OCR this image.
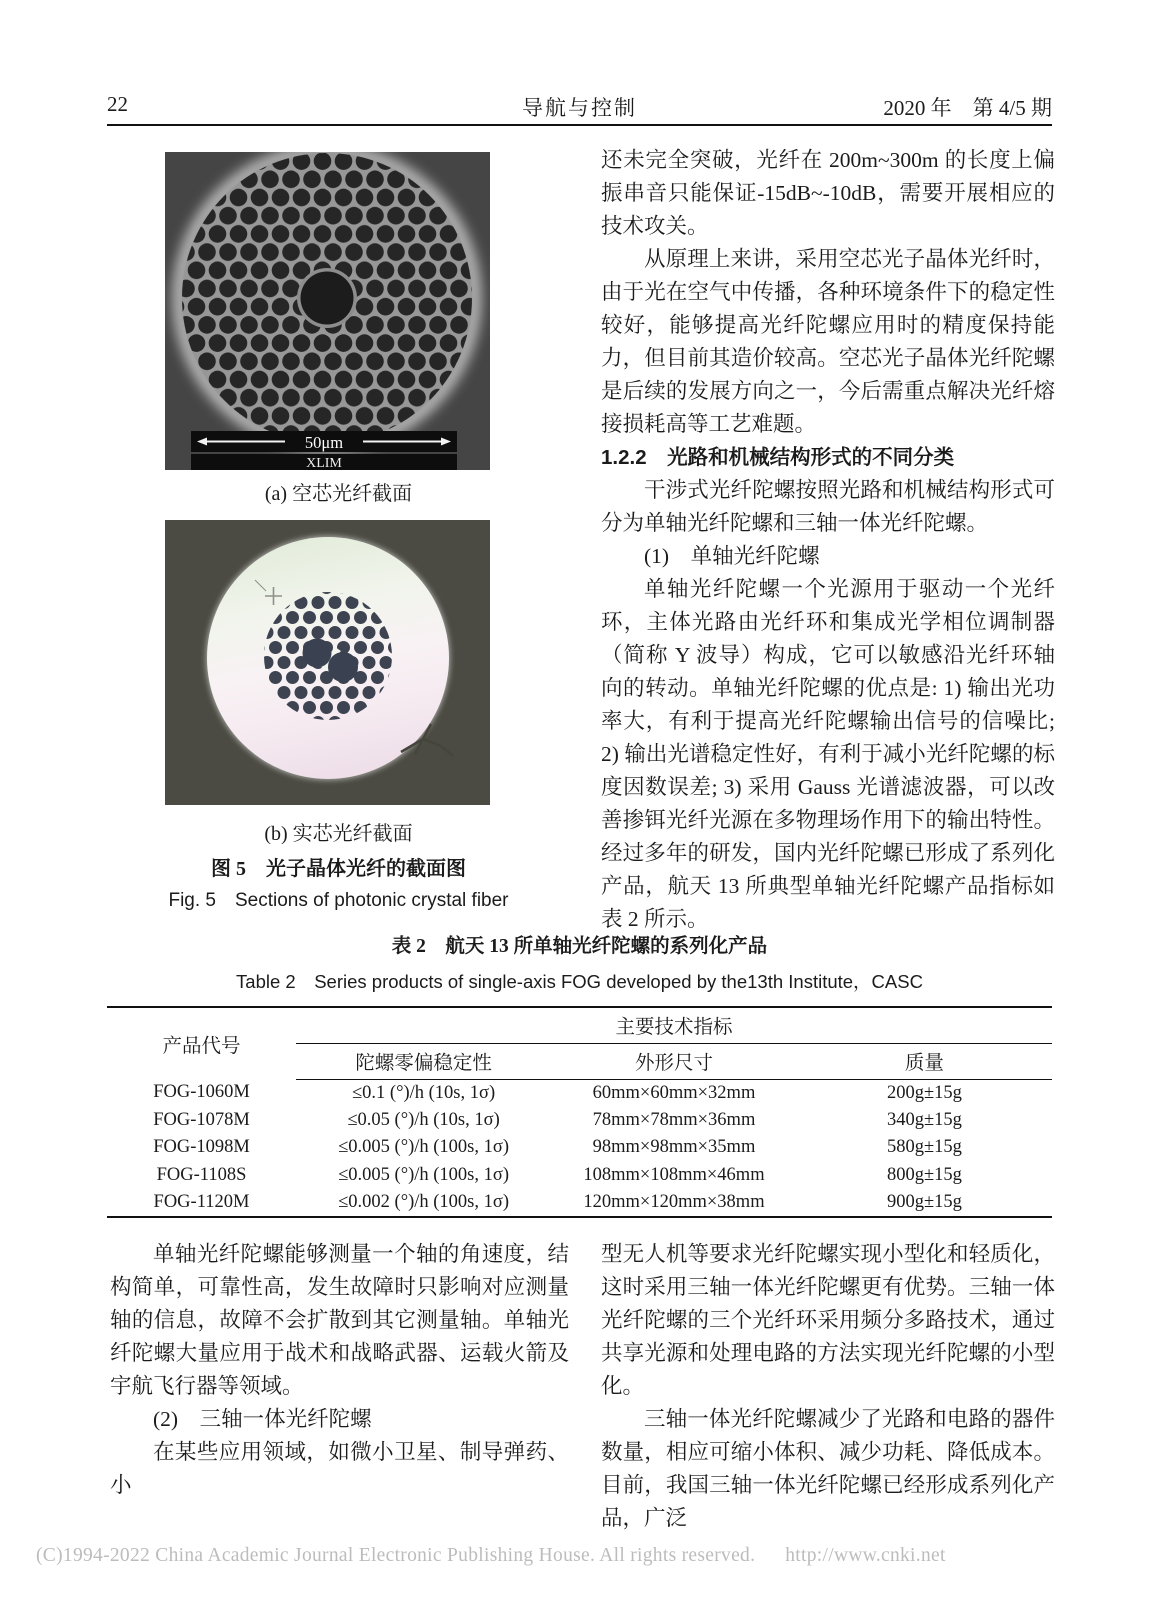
22	导航与控制	2020 年　第 4/5 期
50μm
XLIM
(a) 空芯光纤截面
(b) 实芯光纤截面
图 5　光子晶体光纤的截面图
Fig. 5　Sections of photonic crystal fiber

还未完全突破，光纤在 200m~300m 的长度上偏振串音只能保证-15dB~-10dB，需要开展相应的技术攻关。

从原理上来讲，采用空芯光子晶体光纤时，由于光在空气中传播，各种环境条件下的稳定性较好，能够提高光纤陀螺应用时的精度保持能力，但目前其造价较高。空芯光子晶体光纤陀螺是后续的发展方向之一，今后需重点解决光纤熔接损耗高等工艺难题。

1.2.2　光路和机械结构形式的不同分类

干涉式光纤陀螺按照光路和机械结构形式可分为单轴光纤陀螺和三轴一体光纤陀螺。

(1)　单轴光纤陀螺

单轴光纤陀螺一个光源用于驱动一个光纤环，主体光路由光纤环和集成光学相位调制器（简称 Y 波导）构成，它可以敏感沿光纤环轴向的转动。单轴光纤陀螺的优点是: 1) 输出光功率大，有利于提高光纤陀螺输出信号的信噪比; 2) 输出光谱稳定性好，有利于减小光纤陀螺的标度因数误差; 3) 采用 Gauss 光谱滤波器，可以改善掺铒光纤光源在多物理场作用下的输出特性。经过多年的研发，国内光纤陀螺已形成了系列化产品，航天 13 所典型单轴光纤陀螺产品指标如表 2 所示。

表 2　航天 13 所单轴光纤陀螺的系列化产品

Table 2　Series products of single-axis FOG developed by the13th Institute，CASC

产品代号	主要技术指标		
	陀螺零偏稳定性	外形尺寸	质量
FOG-1060M	≤0.1 (°)/h (10s, 1σ)	60mm×60mm×32mm	200g±15g
FOG-1078M	≤0.05 (°)/h (10s, 1σ)	78mm×78mm×36mm	340g±15g
FOG-1098M	≤0.005 (°)/h (100s, 1σ)	98mm×98mm×35mm	580g±15g
FOG-1108S	≤0.005 (°)/h (100s, 1σ)	108mm×108mm×46mm	800g±15g
FOG-1120M	≤0.002 (°)/h (100s, 1σ)	120mm×120mm×38mm	900g±15g

单轴光纤陀螺能够测量一个轴的角速度，结构简单，可靠性高，发生故障时只影响对应测量轴的信息，故障不会扩散到其它测量轴。单轴光纤陀螺大量应用于战术和战略武器、运载火箭及宇航飞行器等领域。

(2)　三轴一体光纤陀螺

在某些应用领域，如微小卫星、制导弹药、小

型无人机等要求光纤陀螺实现小型化和轻质化，这时采用三轴一体光纤陀螺更有优势。三轴一体光纤陀螺的三个光纤环采用频分多路技术，通过共享光源和处理电路的方法实现光纤陀螺的小型化。

三轴一体光纤陀螺减少了光路和电路的器件数量，相应可缩小体积、减少功耗、降低成本。目前，我国三轴一体光纤陀螺已经形成系列化产品，广泛

(C)1994-2022 China Academic Journal Electronic Publishing House. All rights reserved. http://www.cnki.net
